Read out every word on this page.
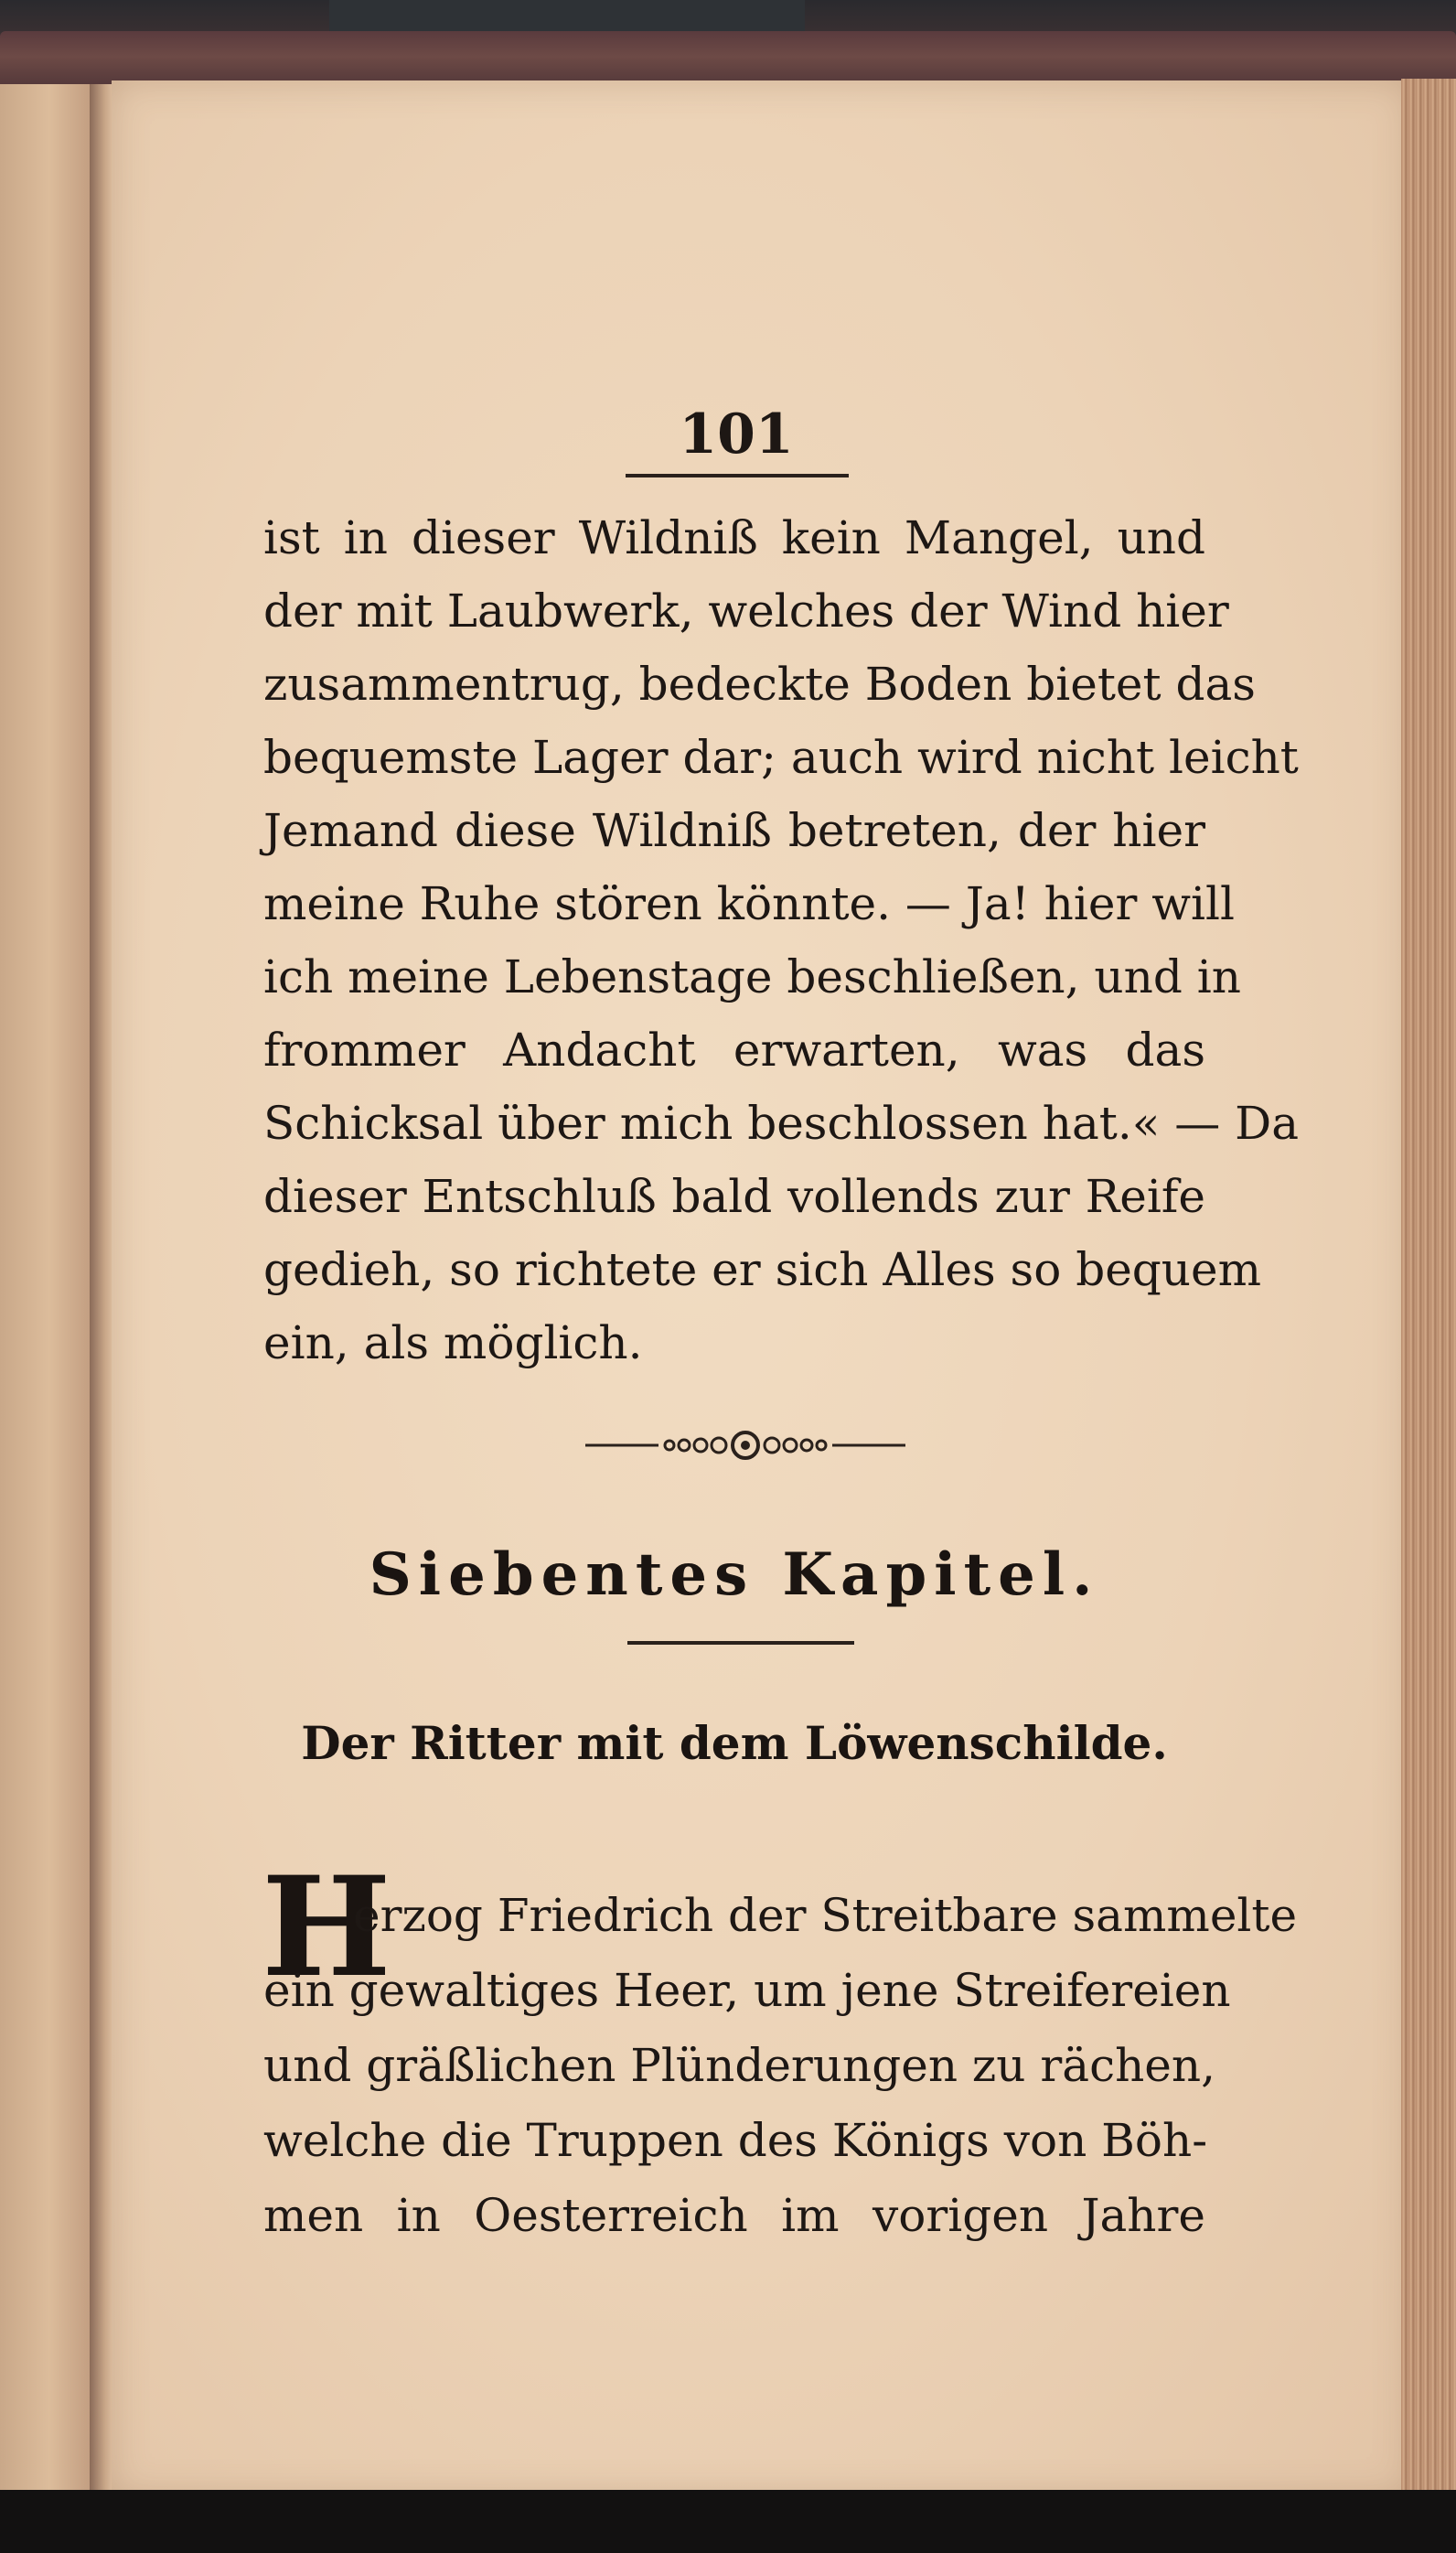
101
ist in dieser Wildniß kein Mangel, und
der mit Laubwerk, welches der Wind hier
zusammentrug, bedeckte Boden bietet das
bequemste Lager dar; auch wird nicht leicht
Jemand diese Wildniß betreten, der hier
meine Ruhe stören könnte. — Ja! hier will
ich meine Lebenstage beschließen, und in
frommer Andacht erwarten, was das
Schicksal über mich beschlossen hat.« — Da
dieser Entschluß bald vollends zur Reife
gedieh, so richtete er sich Alles so bequem
ein, als möglich.
Siebentes Kapitel.
Der Ritter mit dem Löwenschilde.
H
erzog Friedrich der Streitbare sammelte
ein gewaltiges Heer, um jene Streifereien
und gräßlichen Plünderungen zu rächen,
welche die Truppen des Königs von Böh-
men in Oesterreich im vorigen Jahre
